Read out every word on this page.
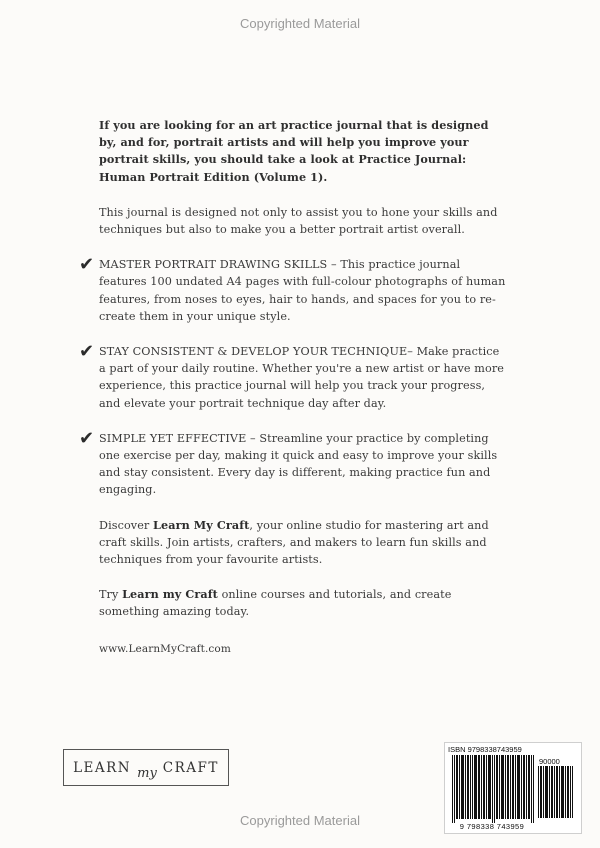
Copyrighted Material

If you are looking for an art practice journal that is designed by, and for, portrait artists and will help you improve your portrait skills, you should take a look at Practice Journal: Human Portrait Edition (Volume 1).

This journal is designed not only to assist you to hone your skills and techniques but also to make you a better portrait artist overall.

✔ MASTER PORTRAIT DRAWING SKILLS – This practice journal features 100 undated A4 pages with full-colour photographs of human features, from noses to eyes, hair to hands, and spaces for you to re-create them in your unique style.
✔ STAY CONSISTENT & DEVELOP YOUR TECHNIQUE– Make practice a part of your daily routine. Whether you're a new artist or have more experience, this practice journal will help you track your progress, and elevate your portrait technique day after day.
✔ SIMPLE YET EFFECTIVE – Streamline your practice by completing one exercise per day, making it quick and easy to improve your skills and stay consistent. Every day is different, making practice fun and engaging.

Discover Learn My Craft, your online studio for mastering art and craft skills. Join artists, crafters, and makers to learn fun skills and techniques from your favourite artists.

Try Learn my Craft online courses and tutorials, and create something amazing today.

www.LearnMyCraft.com

LEARN my CRAFT
ISBN 9798338743959
90000
9 798338 743959
Copyrighted Material
